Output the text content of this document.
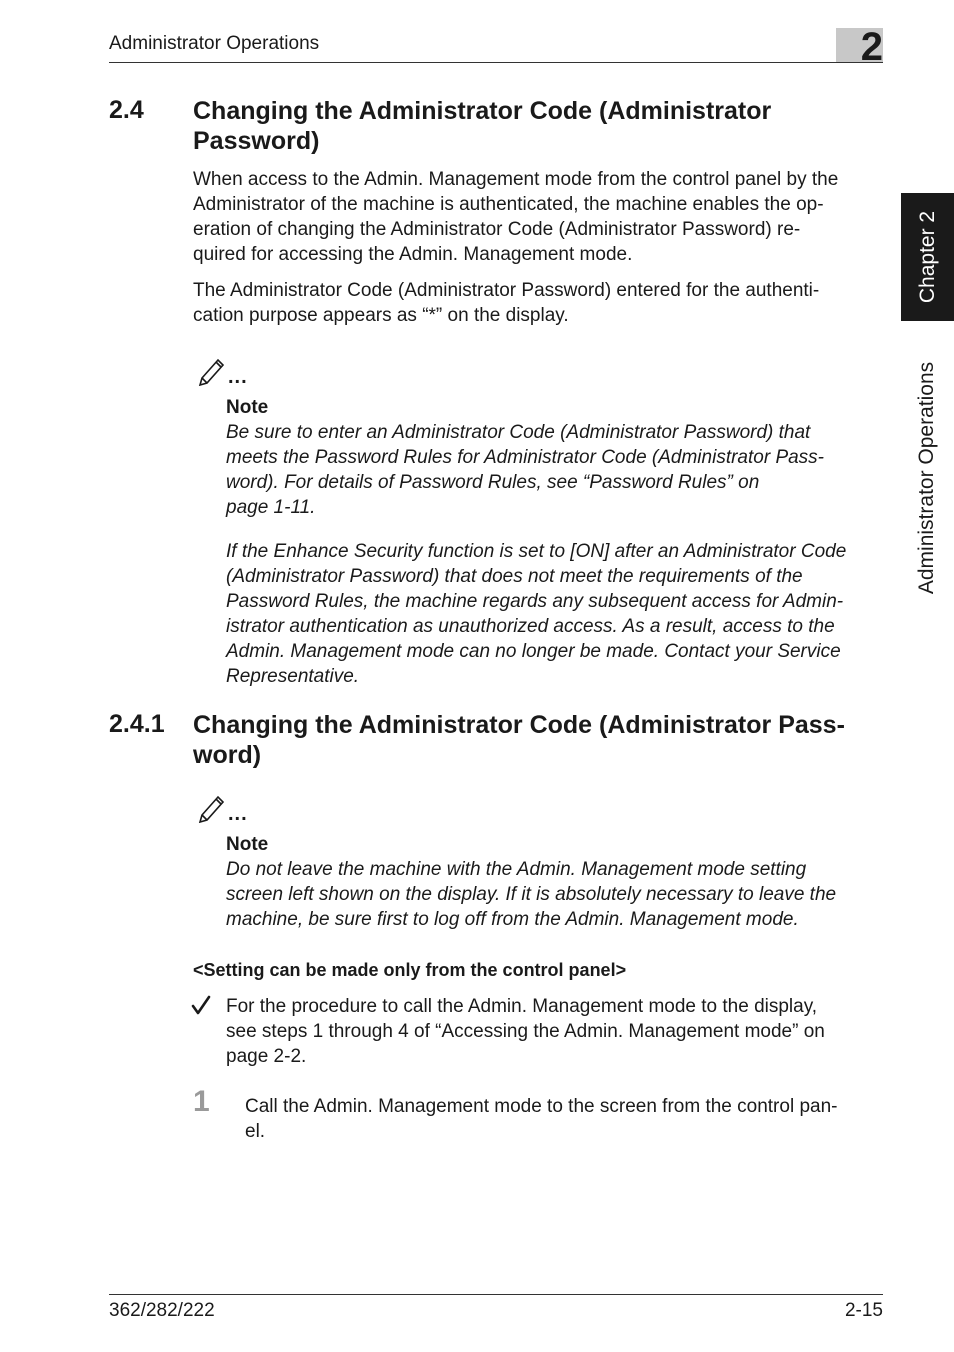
Administrator Operations	2
Chapter 2
Administrator Operations
2.4 Changing the Administrator Code (Administrator
Password)
When access to the Admin. Management mode from the control panel by the
Administrator of the machine is authenticated, the machine enables the op-
eration of changing the Administrator Code (Administrator Password) re-
quired for accessing the Admin. Management mode.
The Administrator Code (Administrator Password) entered for the authenti-
cation purpose appears as “*” on the display.
...
Note
Be sure to enter an Administrator Code (Administrator Password) that
meets the Password Rules for Administrator Code (Administrator Pass-
word). For details of Password Rules, see “Password Rules” on
page 1-11.
If the Enhance Security function is set to [ON] after an Administrator Code
(Administrator Password) that does not meet the requirements of the
Password Rules, the machine regards any subsequent access for Admin-
istrator authentication as unauthorized access. As a result, access to the
Admin. Management mode can no longer be made. Contact your Service
Representative.
2.4.1 Changing the Administrator Code (Administrator Pass-
word)
...
Note
Do not leave the machine with the Admin. Management mode setting
screen left shown on the display. If it is absolutely necessary to leave the
machine, be sure first to log off from the Admin. Management mode.
<Setting can be made only from the control panel>
For the procedure to call the Admin. Management mode to the display,
see steps 1 through 4 of “Accessing the Admin. Management mode” on
page 2-2.
1 Call the Admin. Management mode to the screen from the control pan-
el.
362/282/222	2-15
